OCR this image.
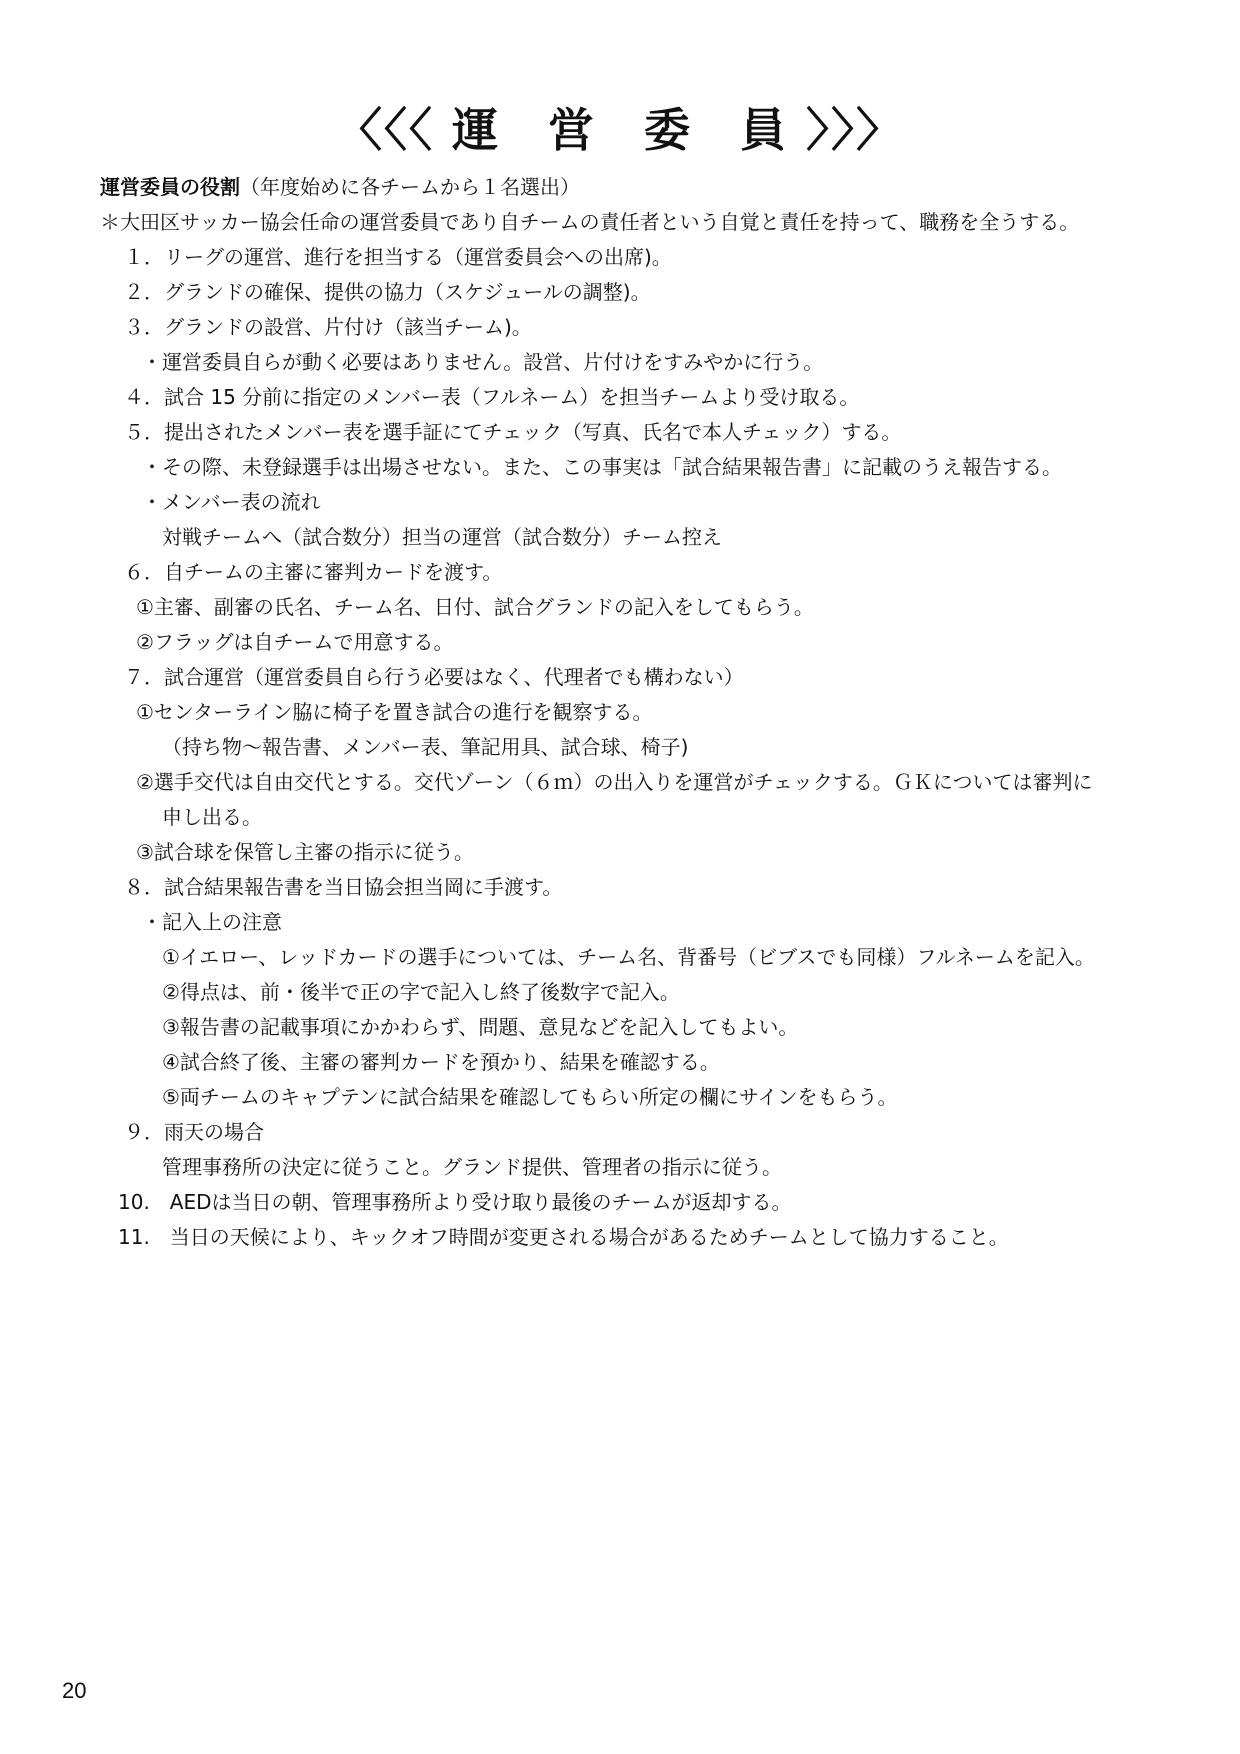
〈〈〈 運　営　委　員 〉〉〉
運営委員の役割（年度始めに各チームから１名選出）
＊大田区サッカー協会任命の運営委員であり自チームの責任者という自覚と責任を持って、職務を全うする。
１．リーグの運営、進行を担当する（運営委員会への出席)。
２．グランドの確保、提供の協力（スケジュールの調整)。
３．グランドの設営、片付け（該当チーム)。
・運営委員自らが動く必要はありません。設営、片付けをすみやかに行う。
４．試合 15 分前に指定のメンバー表（フルネーム）を担当チームより受け取る。
５．提出されたメンバー表を選手証にてチェック（写真、氏名で本人チェック）する。
・その際、未登録選手は出場させない。また、この事実は「試合結果報告書」に記載のうえ報告する。
・メンバー表の流れ
対戦チームへ（試合数分）担当の運営（試合数分）チーム控え
６．自チームの主審に審判カードを渡す。
①主審、副審の氏名、チーム名、日付、試合グランドの記入をしてもらう。
②フラッグは自チームで用意する。
７．試合運営（運営委員自ら行う必要はなく、代理者でも構わない）
①センターライン脇に椅子を置き試合の進行を観察する。
（持ち物～報告書、メンバー表、筆記用具、試合球、椅子)
②選手交代は自由交代とする。交代ゾーン（６ｍ）の出入りを運営がチェックする。ＧＫについては審判に
申し出る。
③試合球を保管し主審の指示に従う。
８．試合結果報告書を当日協会担当岡に手渡す。
・記入上の注意
①イエロー、レッドカードの選手については、チーム名、背番号（ビブスでも同様）フルネームを記入。
②得点は、前・後半で正の字で記入し終了後数字で記入。
③報告書の記載事項にかかわらず、問題、意見などを記入してもよい。
④試合終了後、主審の審判カードを預かり、結果を確認する。
⑤両チームのキャプテンに試合結果を確認してもらい所定の欄にサインをもらう。
９．雨天の場合
管理事務所の決定に従うこと。グランド提供、管理者の指示に従う。
10.　AEDは当日の朝、管理事務所より受け取り最後のチームが返却する。
11.　当日の天候により、キックオフ時間が変更される場合があるためチームとして協力すること。
20
